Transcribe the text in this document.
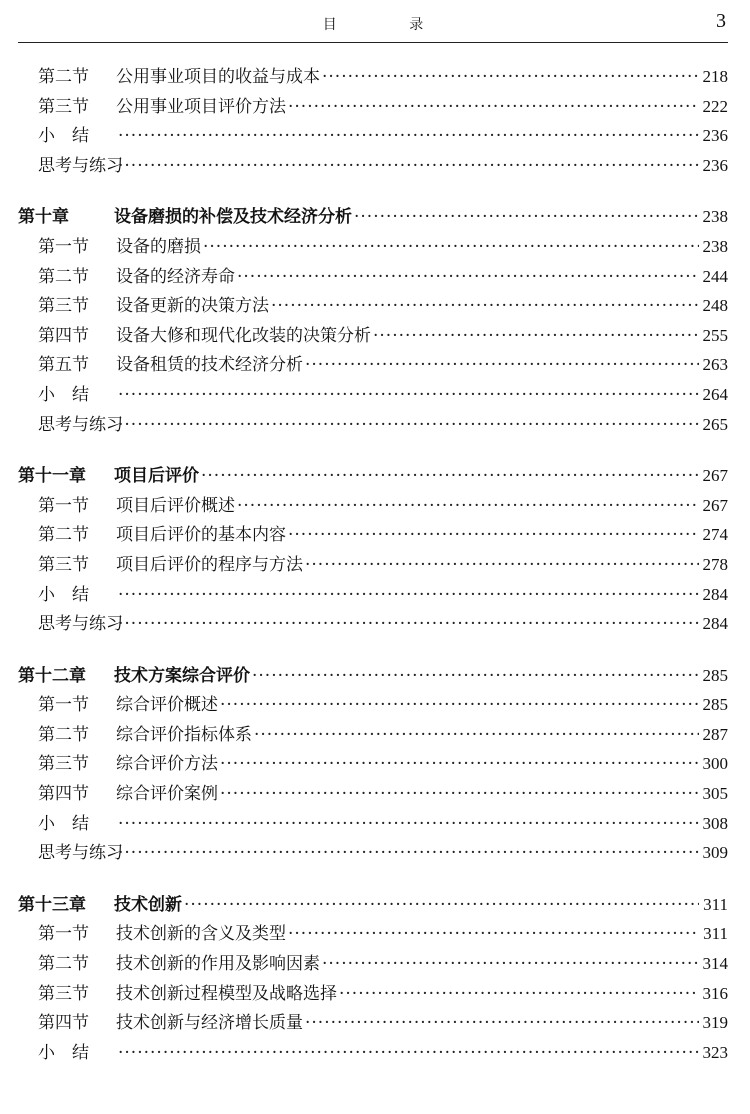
目 录	3
第二节	公用事业项目的收益与成本 ·····	218
第三节	公用事业项目评价方法 ·····	222
小　结 ·····	236
思考与练习 ·····	236
第十章	设备磨损的补偿及技术经济分析 ·····	238
第一节	设备的磨损 ·····	238
第二节	设备的经济寿命 ·····	244
第三节	设备更新的决策方法 ·····	248
第四节	设备大修和现代化改装的决策分析 ·····	255
第五节	设备租赁的技术经济分析 ·····	263
小　结 ·····	264
思考与练习 ·····	265
第十一章	项目后评价 ·····	267
第一节	项目后评价概述 ·····	267
第二节	项目后评价的基本内容 ·····	274
第三节	项目后评价的程序与方法 ·····	278
小　结 ·····	284
思考与练习 ·····	284
第十二章	技术方案综合评价 ·····	285
第一节	综合评价概述 ·····	285
第二节	综合评价指标体系 ·····	287
第三节	综合评价方法 ·····	300
第四节	综合评价案例 ·····	305
小　结 ·····	308
思考与练习 ·····	309
第十三章	技术创新 ·····	311
第一节	技术创新的含义及类型 ·····	311
第二节	技术创新的作用及影响因素 ·····	314
第三节	技术创新过程模型及战略选择 ·····	316
第四节	技术创新与经济增长质量 ·····	319
小　结 ·····	323
